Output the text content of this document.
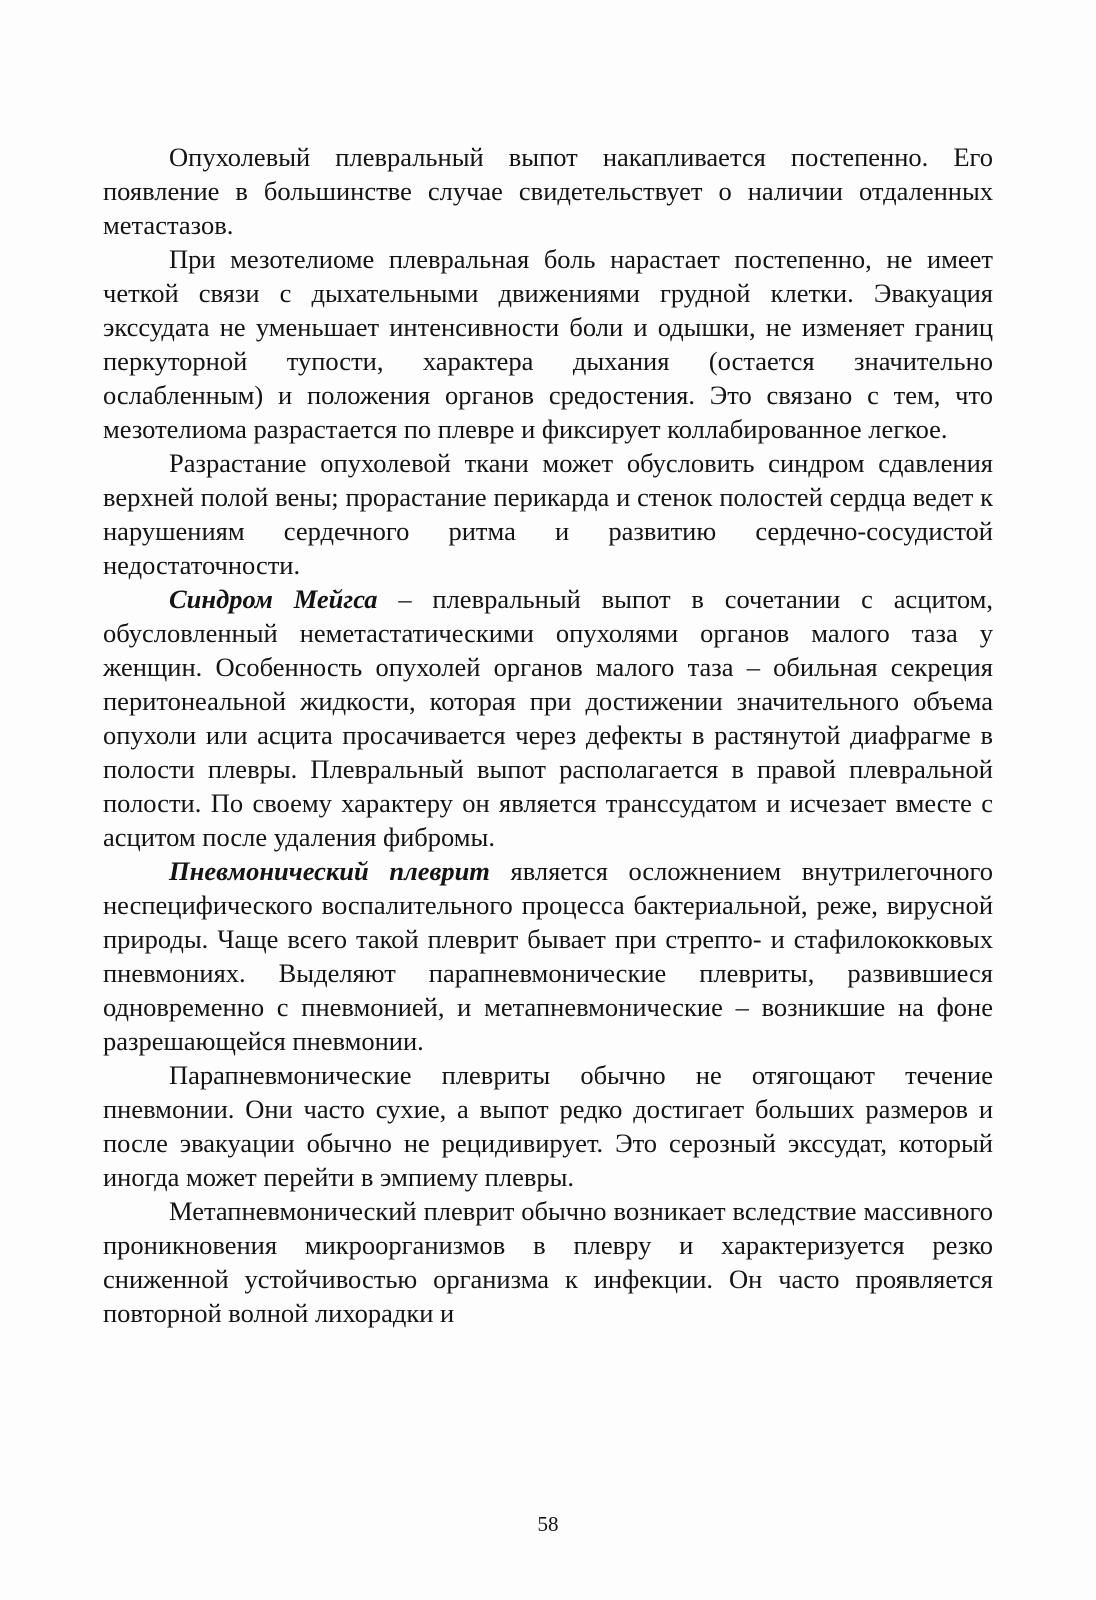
Опухолевый плевральный выпот накапливается постепенно. Его появление в большинстве случае свидетельствует о наличии отдаленных метастазов.

При мезотелиоме плевральная боль нарастает постепенно, не имеет четкой связи с дыхательными движениями грудной клетки. Эвакуация экссудата не уменьшает интенсивности боли и одышки, не изменяет границ перкуторной тупости, характера дыхания (остается значительно ослабленным) и положения органов средостения. Это связано с тем, что мезотелиома разрастается по плевре и фиксирует коллабированное легкое.

Разрастание опухолевой ткани может обусловить синдром сдавления верхней полой вены; прорастание перикарда и стенок полостей сердца ведет к нарушениям сердечного ритма и развитию сердечно-сосудистой недостаточности.

Синдром Мейгса – плевральный выпот в сочетании с асцитом, обусловленный неметастатическими опухолями органов малого таза у женщин. Особенность опухолей органов малого таза – обильная секреция перитонеальной жидкости, которая при достижении значительного объема опухоли или асцита просачивается через дефекты в растянутой диафрагме в полости плевры. Плевральный выпот располагается в правой плевральной полости. По своему характеру он является транссудатом и исчезает вместе с асцитом после удаления фибромы.

Пневмонический плеврит является осложнением внутрилегочного неспецифического воспалительного процесса бактериальной, реже, вирусной природы. Чаще всего такой плеврит бывает при стрепто- и стафилококковых пневмониях. Выделяют парапневмонические плевриты, развившиеся одновременно с пневмонией, и метапневмонические – возникшие на фоне разрешающейся пневмонии.

Парапневмонические плевриты обычно не отягощают течение пневмонии. Они часто сухие, а выпот редко достигает больших размеров и после эвакуации обычно не рецидивирует. Это серозный экссудат, который иногда может перейти в эмпиему плевры.

Метапневмонический плеврит обычно возникает вследствие массивного проникновения микроорганизмов в плевру и характеризуется резко сниженной устойчивостью организма к инфекции. Он часто проявляется повторной волной лихорадки и

58
